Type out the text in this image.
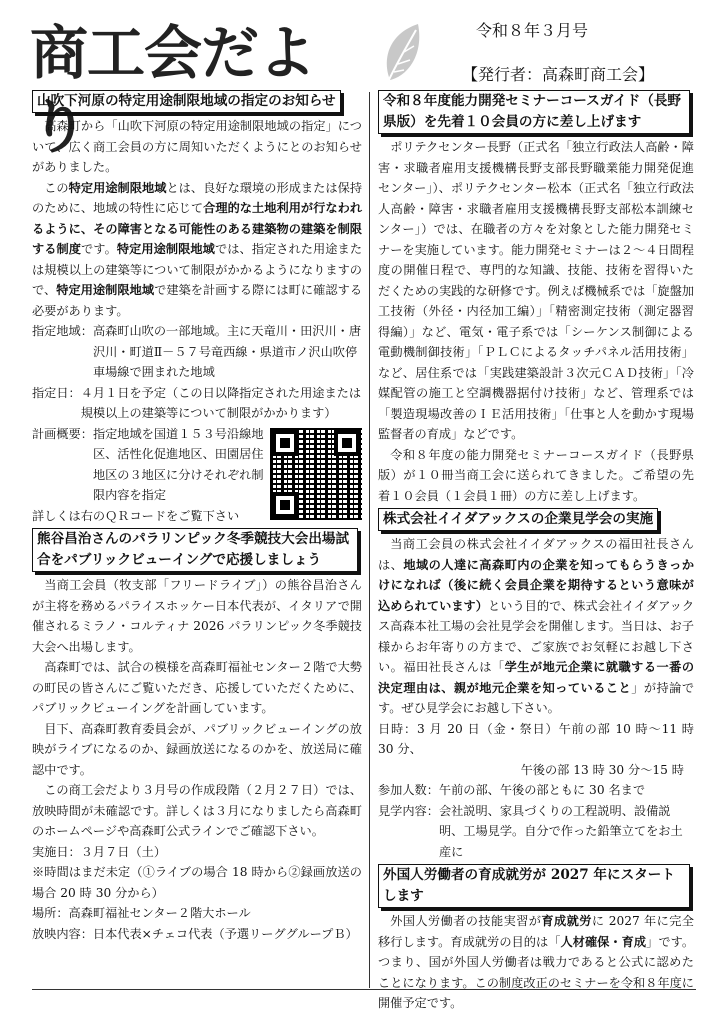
商工会だより
令和８年３月号
【発行者：高森町商工会】
山吹下河原の特定用途制限地域の指定のお知らせ

高森町から「山吹下河原の特定用途制限地域の指定」について、広く商工会員の方に周知いただくようにとのお知らせがありました。

この特定用途制限地域とは、良好な環境の形成または保持のために、地域の特性に応じて合理的な土地利用が行なわれるように、その障害となる可能性のある建築物の建築を制限する制度です。特定用途制限地域では、指定された用途または規模以上の建築等について制限がかかるようになりますので、特定用途制限地域で建築を計画する際には町に確認する必要があります。

指定地域： 高森町山吹の一部地域。主に天竜川・田沢川・唐沢川・町道Ⅱ－５７号竜西線・県道市ノ沢山吹停車場線で囲まれた地域
指定日： ４月１日を予定（この日以降指定された用途または規模以上の建築等について制限がかかります）
計画概要： 指定地域を国道１５３号沿線地区、活性化促進地区、田園居住地区の３地区に分けそれぞれ制限内容を指定

詳しくは右のＱＲコードをご覧下さい

熊谷昌治さんのパラリンピック冬季競技大会出場試合をパブリックビューイングで応援しましょう

当商工会員（牧支部「フリードライブ」）の熊谷昌治さんが主将を務めるパライスホッケー日本代表が、イタリアで開催されるミラノ・コルティナ 2026 パラリンピック冬季競技大会へ出場します。

高森町では、試合の模様を高森町福祉センター２階で大勢の町民の皆さんにご覧いただき、応援していただくために、パブリックビューイングを計画しています。

目下、高森町教育委員会が、パブリックビューイングの放映がライブになるのか、録画放送になるのかを、放送局に確認中です。

この商工会だより３月号の作成段階（２月２７日）では、放映時間が未確認です。詳しくは３月になりましたら高森町のホームページや高森町公式ラインでご確認下さい。

実施日：３月７日（土）

※時間はまだ未定（①ライブの場合 18 時から②録画放送の場合 20 時 30 分から）

場所：高森町福祉センター２階大ホール

放映内容：日本代表×チェコ代表（予選リーググループＢ）

令和８年度能力開発セミナーコースガイド（長野県版）を先着１０会員の方に差し上げます

ポリテクセンター長野（正式名「独立行政法人高齢・障害・求職者雇用支援機構長野支部長野職業能力開発促進センター」）、ポリテクセンター松本（正式名「独立行政法人高齢・障害・求職者雇用支援機構長野支部松本訓練センター」）では、在職者の方々を対象とした能力開発セミナーを実施しています。能力開発セミナーは２～４日間程度の開催日程で、専門的な知識、技能、技術を習得いただくための実践的な研修です。例えば機械系では「旋盤加工技術（外径・内径加工編）」「精密測定技術（測定器習得編）」など、電気・電子系では「シーケンス制御による電動機制御技術」「ＰＬＣによるタッチパネル活用技術」など、居住系では「実践建築設計３次元ＣＡＤ技術」「冷媒配管の施工と空調機器据付け技術」など、管理系では「製造現場改善のＩＥ活用技術」「仕事と人を動かす現場監督者の育成」などです。

令和８年度の能力開発セミナーコースガイド（長野県版）が１０冊当商工会に送られてきました。ご希望の先着１０会員（１会員１冊）の方に差し上げます。

株式会社イイダアックスの企業見学会の実施

当商工会員の株式会社イイダアックスの福田社長さんは、地域の人達に高森町内の企業を知ってもらうきっかけになれば（後に続く会員企業を期待するという意味が込められています）という目的で、株式会社イイダアックス高森本社工場の会社見学会を開催します。当日は、お子様からお年寄りの方まで、ご家族でお気軽にお越し下さい。福田社長さんは「学生が地元企業に就職する一番の決定理由は、親が地元企業を知っていること」が持論です。ぜひ見学会にお越し下さい。

日時：3 月 20 日（金・祭日）午前の部 10 時～11 時 30 分、

午後の部 13 時 30 分～15 時

参加人数：午前の部、午後の部ともに 30 名まで

見学内容： 会社説明、家具づくりの工程説明、設備説明、工場見学。自分で作った鉛筆立てをお土産に
外国人労働者の育成就労が 2027 年にスタートします

外国人労働者の技能実習が育成就労に 2027 年に完全移行します。育成就労の目的は「人材確保・育成」です。つまり、国が外国人労働者は戦力であると公式に認めたことになります。この制度改正のセミナーを令和８年度に開催予定です。
